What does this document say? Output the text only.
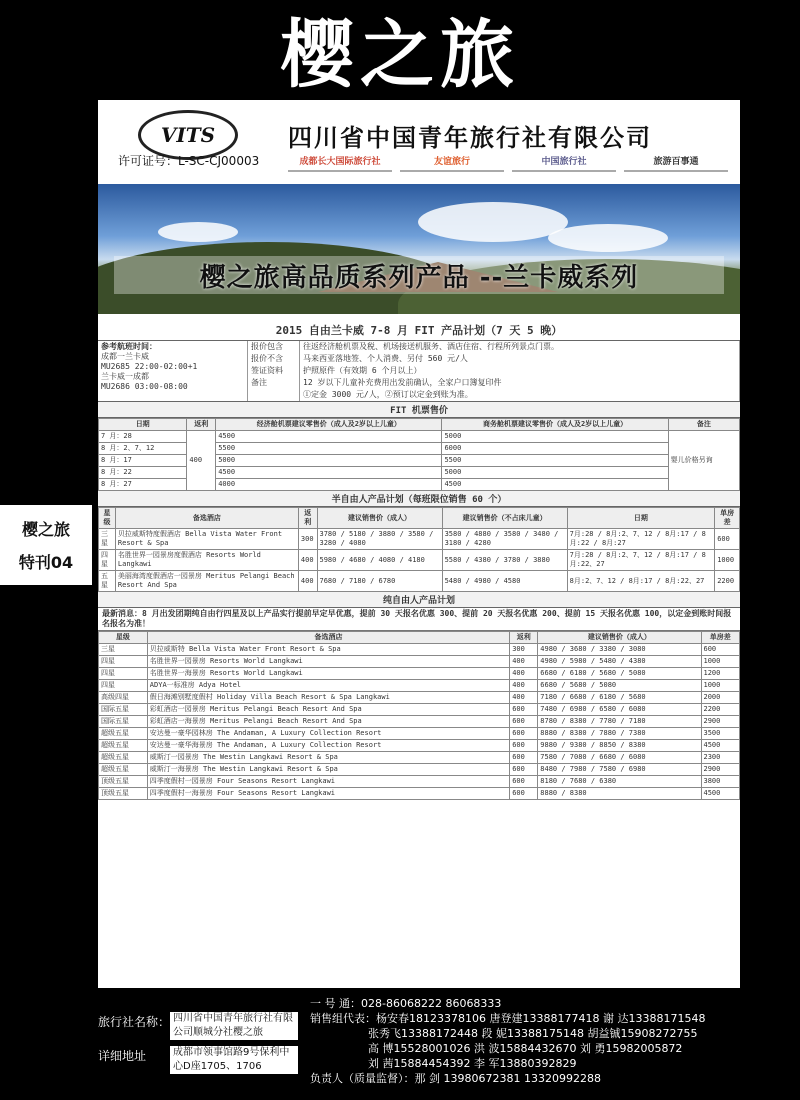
樱之旅
樱之旅
特刊04
VITS
许可证号：L-SC-CJ00003
四川省中国青年旅行社有限公司
成都长大国际旅行社	友谊旅行	中国旅行社	旅游百事通
樱之旅高品质系列产品 --兰卡威系列
2015 自由兰卡威 7-8 月 FIT 产品计划（7 天 5 晚）
参考航班时间：
成都一兰卡威
MU2685 22:00-02:00+1
兰卡威一成都
MU2686 03:00-08:00
报价包含	往返经济舱机票及税、机场接送机服务、酒店住宿、行程所列景点门票。
报价不含	马来西亚落地签、个人消费、另付 560 元/人
签证资料	护照原件（有效期 6 个月以上）
备注	12 岁以下儿童补充费用出发前确认，全家户口簿复印件
①定金 3000 元/人，②预订以定金到账为准。
FIT 机票售价
日期	返利	经济舱机票建议零售价（成人及2岁以上儿童）	商务舱机票建议零售价（成人及2岁以上儿童）	备注
7 月：28	400	4500	5000	婴儿价格另询
8 月：2、7、12		5500	6000	
8 月：17		5000	5500	
8 月：22		4500	5000	
8 月：27		4000	4500	
半自由人产品计划（每班限位销售 60 个）
星级	备选酒店	返利	建议销售价（成人）	建议销售价（不占床儿童）	日期	单房差
三星	贝拉威斯特度假酒店 Bella Vista Water Front Resort & Spa	300	3780 / 5180 / 3880 / 3580 / 3280 / 4080	3580 / 4880 / 3580 / 3480 / 3180 / 4280	7月:28 / 8月:2、7、12 / 8月:17 / 8月:22 / 8月:27	600
四星	名胜世界一园景房度假酒店 Resorts World Langkawi	400	5980 / 4680 / 4080 / 4180	5580 / 4380 / 3780 / 3880	7月:28 / 8月:2、7、12 / 8月:17 / 8月:22、27	1000
五星	美丽海湾度假酒店一园景房 Meritus Pelangi Beach Resort And Spa	400	7680 / 7180 / 6780	5480 / 4980 / 4580	8月:2、7、12 / 8月:17 / 8月:22、27	2200
纯自由人产品计划
最新消息：8 月出发团期纯自由行四星及以上产品实行提前早定早优惠，提前 30 天报名优惠 300、提前 20 天报名优惠 200、提前 15 天报名优惠 100，以定金到账时间报名报名为准！
星级	备选酒店	返利	建议销售价（成人）	单房差
三星	贝拉威斯特 Bella Vista Water Front Resort & Spa	300	4980 / 3680 / 3380 / 3080	600
四星	名胜世界一园景房 Resorts World Langkawi	400	4980 / 5980 / 5480 / 4380	1000
四星	名胜世界一海景房 Resorts World Langkawi	400	6680 / 6180 / 5680 / 5080	1200
四星	ADYA一标准房 Adya Hotel	400	6680 / 5680 / 5080	1000
高级四星	假日海滩别墅度假村 Holiday Villa Beach Resort & Spa Langkawi	400	7180 / 6680 / 6180 / 5680	2000
国际五星	彩虹酒店一园景房 Meritus Pelangi Beach Resort And Spa	600	7480 / 6980 / 6580 / 6080	2200
国际五星	彩虹酒店一海景房 Meritus Pelangi Beach Resort And Spa	600	8780 / 8380 / 7780 / 7180	2900
超级五星	安达曼一豪华园林房 The Andaman, A Luxury Collection Resort	600	8880 / 8380 / 7880 / 7380	3500
超级五星	安达曼一豪华海景房 The Andaman, A Luxury Collection Resort	600	9880 / 9380 / 8850 / 8380	4500
超级五星	威斯汀一园景房 The Westin Langkawi Resort & Spa	600	7580 / 7080 / 6680 / 6080	2300
超级五星	威斯汀一海景房 The Westin Langkawi Resort & Spa	600	8480 / 7980 / 7580 / 6980	2900
顶级五星	四季度假村一园景房 Four Seasons Resort Langkawi	600	8180 / 7680 / 6380	3800
顶级五星	四季度假村一海景房 Four Seasons Resort Langkawi	600	8880 / 8380	4500
旅行社名称： 四川省中国青年旅行社有限公司顺城分社樱之旅
详细地址	成都市领事馆路9号保利中心D座1705、1706
一 号 通：028-86068222 86068333
销售组代表：杨安春18123378106 唐登建13388177418 谢 达13388171548
张秀飞13388172448 段 妮13388175148 胡益铖15908272755
高 博15528001026 洪 波15884432670 刘 勇15982005872
刘 茜15884454392 李 军13880392829
负责人（质量监督）：那 剑 13980672381 13320992288
